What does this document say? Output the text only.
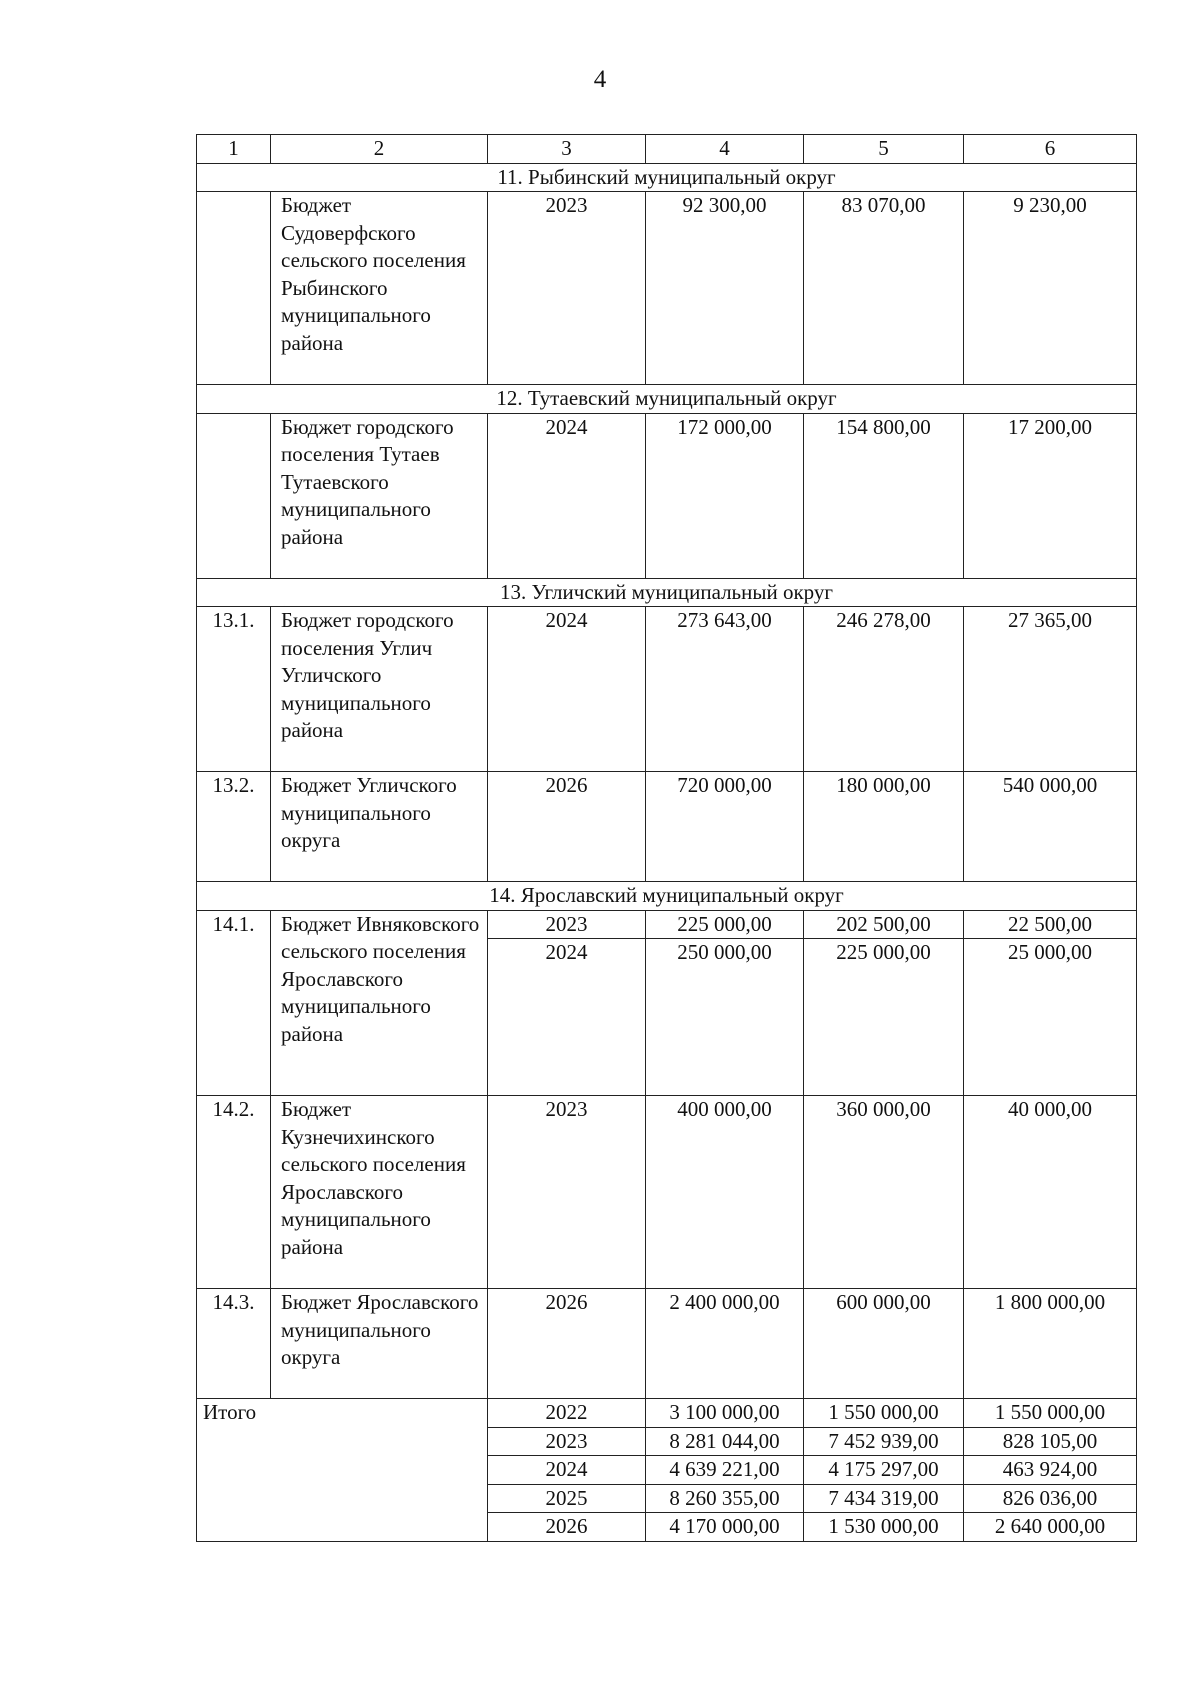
4
1	2	3	4	5	6
11. Рыбинский муниципальный округ					
	Бюджет Судоверфского сельского поселения Рыбинского муниципального района	2023	92 300,00	83 070,00	9 230,00
12. Тутаевский муниципальный округ					
	Бюджет городского поселения Тутаев Тутаевского муниципального района	2024	172 000,00	154 800,00	17 200,00
13. Угличский муниципальный округ					
13.1.	Бюджет городского поселения Углич Угличского муниципального района	2024	273 643,00	246 278,00	27 365,00
13.2.	Бюджет Угличского муниципального округа	2026	720 000,00	180 000,00	540 000,00
14. Ярославский муниципальный округ					
14.1.	Бюджет Ивняковского сельского поселения Ярославского муниципального района	2023	225 000,00	202 500,00	22 500,00
		2024	250 000,00	225 000,00	25 000,00
14.2.	Бюджет Кузнечихинского сельского поселения Ярославского муниципального района	2023	400 000,00	360 000,00	40 000,00
14.3.	Бюджет Ярославского муниципального округа	2026	2 400 000,00	600 000,00	1 800 000,00
Итого		2022	3 100 000,00	1 550 000,00	1 550 000,00
		2023	8 281 044,00	7 452 939,00	828 105,00
		2024	4 639 221,00	4 175 297,00	463 924,00
		2025	8 260 355,00	7 434 319,00	826 036,00
		2026	4 170 000,00	1 530 000,00	2 640 000,00
